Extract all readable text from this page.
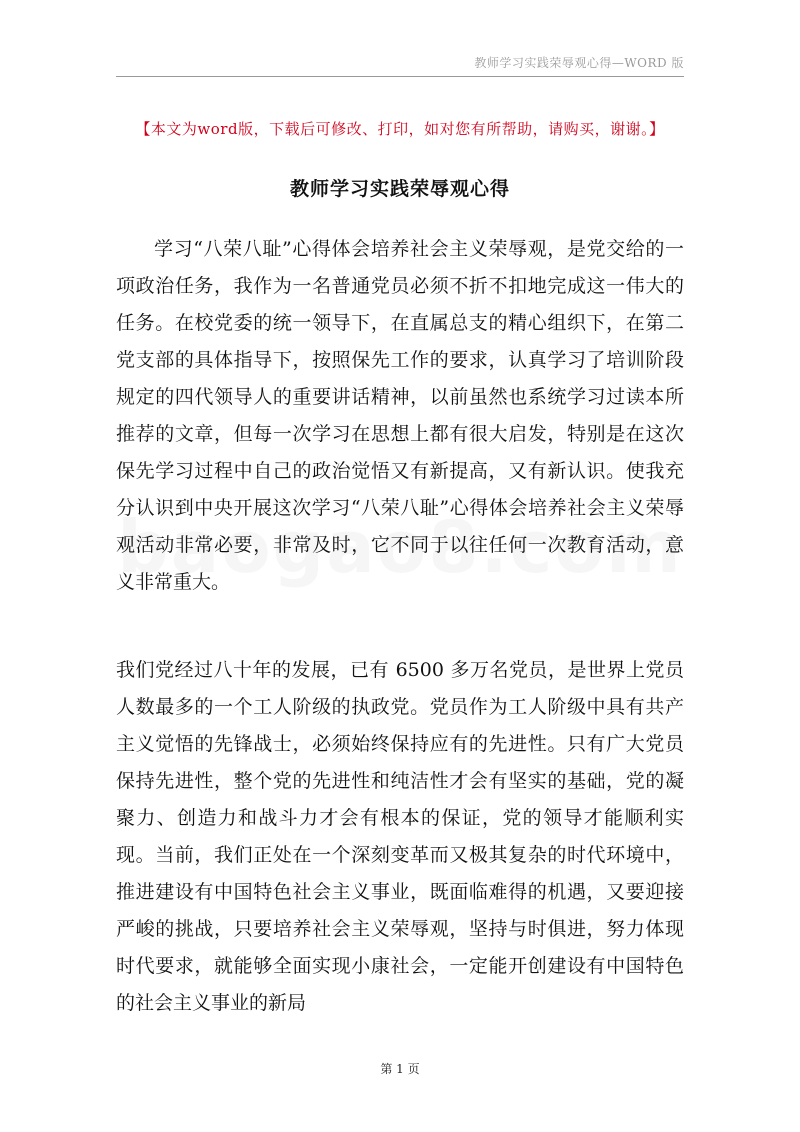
教师学习实践荣辱观心得—WORD 版
【本文为word版，下载后可修改、打印，如对您有所帮助，请购买，谢谢。】
教师学习实践荣辱观心得

学习“八荣八耻”心得体会培养社会主义荣辱观，是党交给的一项政治任务，我作为一名普通党员必须不折不扣地完成这一伟大的任务。在校党委的统一领导下，在直属总支的精心组织下，在第二党支部的具体指导下，按照保先工作的要求，认真学习了培训阶段规定的四代领导人的重要讲话精神，以前虽然也系统学习过读本所推荐的文章，但每一次学习在思想上都有很大启发，特别是在这次保先学习过程中自己的政治觉悟又有新提高，又有新认识。使我充分认识到中央开展这次学习“八荣八耻”心得体会培养社会主义荣辱观活动非常必要，非常及时，它不同于以往任何一次教育活动，意义非常重大。

我们党经过八十年的发展，已有 6500 多万名党员，是世界上党员人数最多的一个工人阶级的执政党。党员作为工人阶级中具有共产主义觉悟的先锋战士，必须始终保持应有的先进性。只有广大党员保持先进性，整个党的先进性和纯洁性才会有坚实的基础，党的凝聚力、创造力和战斗力才会有根本的保证，党的领导才能顺利实现。当前，我们正处在一个深刻变革而又极其复杂的时代环境中，推进建设有中国特色社会主义事业，既面临难得的机遇，又要迎接严峻的挑战，只要培养社会主义荣辱观，坚持与时俱进，努力体现时代要求，就能够全面实现小康社会，一定能开创建设有中国特色的社会主义事业的新局

第 1 页
